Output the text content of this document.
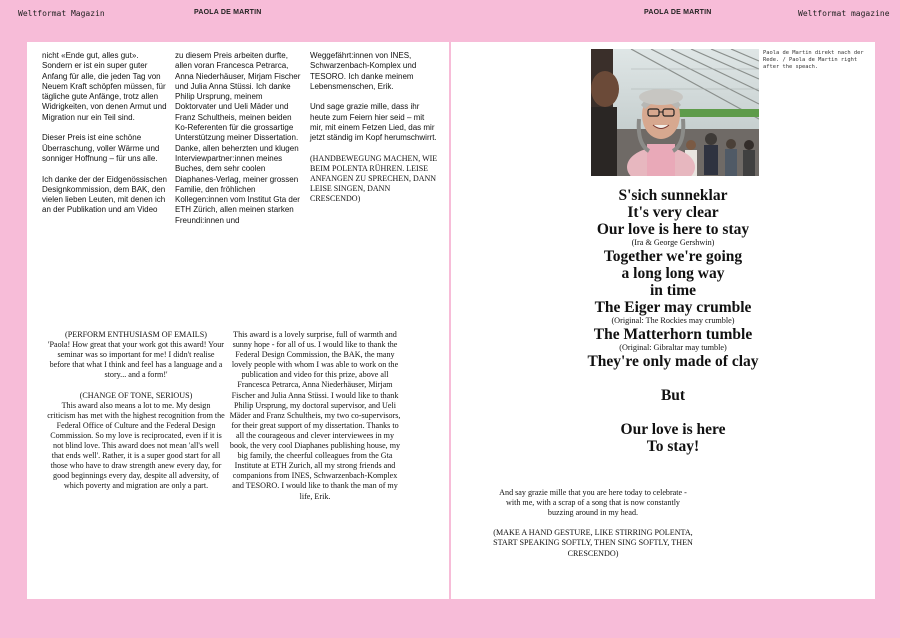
Weltformat Magazin	PAOLA DE MARTIN	PAOLA DE MARTIN	Weltformat magazine

nicht «Ende gut, alles gut». Sondern er ist ein super guter Anfang für alle, die jeden Tag von Neuem Kraft schöpfen müssen, für tägliche gute Anfänge, trotz allen Widrigkeiten, von denen Armut und Migration nur ein Teil sind.

Dieser Preis ist eine schöne Überraschung, voller Wärme und sonniger Hoffnung – für uns alle.

Ich danke der der Eidgenössischen Designkommission, dem BAK, den vielen lieben Leuten, mit denen ich an der Publikation und am Video

zu diesem Preis arbeiten durfte, allen voran Francesca Petrarca, Anna Niederhäuser, Mirjam Fischer und Julia Anna Stüssi. Ich danke Philip Ursprung, meinem Doktorvater und Ueli Mäder und Franz Schultheis, meinen beiden Ko-Referenten für die grossartige Unterstützung meiner Dissertation. Danke, allen beherzten und klugen Interviewpartner:innen meines Buches, dem sehr coolen Diaphanes-Verlag, meiner grossen Familie, den fröhlichen Kollegen:innen vom Institut Gta der ETH Zürich, allen meinen starken Freundi:innen und

Weggefährt:innen von INES, Schwarzenbach-Komplex und TESORO. Ich danke meinem Lebensmenschen, Erik.

Und sage grazie mille, dass ihr heute zum Feiern hier seid – mit mir, mit einem Fetzen Lied, das mir jetzt ständig im Kopf herumschwirrt.

(HANDBEWEGUNG MACHEN, WIE BEIM POLENTA RÜHREN. LEISE ANFANGEN ZU SPRECHEN, DANN LEISE SINGEN, DANN CRESCENDO)

(PERFORM ENTHUSIASM OF EMAILS)

'Paola! How great that your work got this award! Your seminar was so important for me! I didn't realise before that what I think and feel has a language and a story... and a form!'

(CHANGE OF TONE, SERIOUS)

This award also means a lot to me. My design criticism has met with the highest recognition from the Federal Office of Culture and the Federal Design Commission. So my love is reciprocated, even if it is not blind love. This award does not mean 'all's well that ends well'. Rather, it is a super good start for all those who have to draw strength anew every day, for good beginnings every day, despite all adversity, of which poverty and migration are only a part.

This award is a lovely surprise, full of warmth and sunny hope - for all of us. I would like to thank the Federal Design Commission, the BAK, the many lovely people with whom I was able to work on the publication and video for this prize, above all Francesca Petrarca, Anna Niederhäuser, Mirjam Fischer and Julia Anna Stüssi. I would like to thank Philip Ursprung, my doctoral supervisor, and Ueli Mäder and Franz Schultheis, my two co-supervisors, for their great support of my dissertation. Thanks to all the courageous and clever interviewees in my book, the very cool Diaphanes publishing house, my big family, the cheerful colleagues from the Gta Institute at ETH Zurich, all my strong friends and companions from INES, Schwarzenbach-Komplex and TESORO. I would like to thank the man of my life, Erik.

Paola de Martin direkt nach der Rede. / Paola de Martin right after the speach.
S'sich sunneklar
It's very clear
Our love is here to stay
(Ira & George Gershwin)
Together we're going
a long long way
in time
The Eiger may crumble
(Original: The Rockies may crumble)
The Matterhorn tumble
(Original: Gibraltar may tumble)
They're only made of clay
But
Our love is here
To stay!

And say grazie mille that you are here today to celebrate - with me, with a scrap of a song that is now constantly buzzing around in my head.

(MAKE A HAND GESTURE, LIKE STIRRING POLENTA, START SPEAKING SOFTLY, THEN SING SOFTLY, THEN CRESCENDO)
